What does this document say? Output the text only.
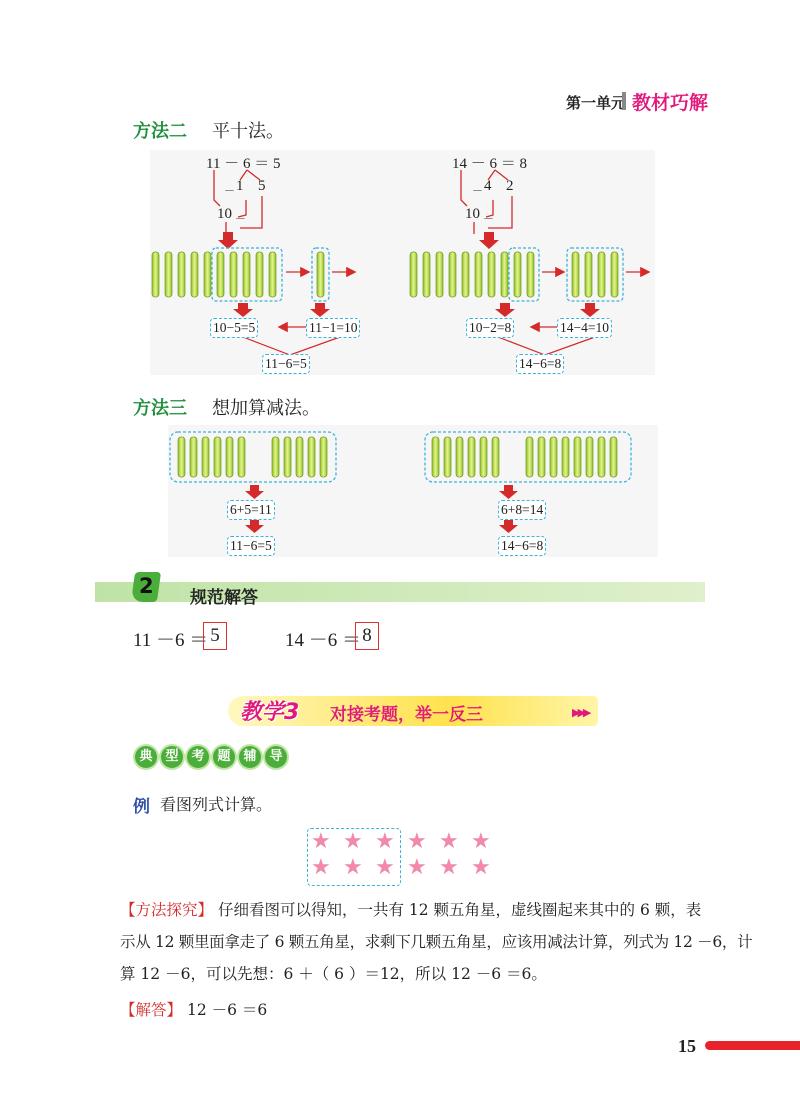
第一单元 教材巧解
方法二 平十法。
11 － 6 ＝ 5
－ 1 5
10 －
14 － 6 ＝ 8
－ 4 2
10 －
10−5=5	11−1=10
11−6=5
10−2=8	14−4=10
14−6=8
方法三 想加算减法。
6+5=11
11−6=5
6+8=14
14−6=8
2 规范解答
11 －6 ＝ 5	14 －6 ＝ 8
教学3 对接考题，举一反三	▶▶▶
典 型 考 题 辅 导
例 看图列式计算。
★ ★ ★ ★ ★ ★
★ ★ ★ ★ ★ ★
【方法探究】 仔细看图可以得知，一共有 12 颗五角星，虚线圈起来其中的 6 颗，表
示从 12 颗里面拿走了 6 颗五角星，求剩下几颗五角星，应该用减法计算，列式为 12 －6，计
算 12 －6，可以先想：6 ＋（ 6 ）＝12，所以 12 －6 ＝6。
【解答】 12 －6 ＝6
15
